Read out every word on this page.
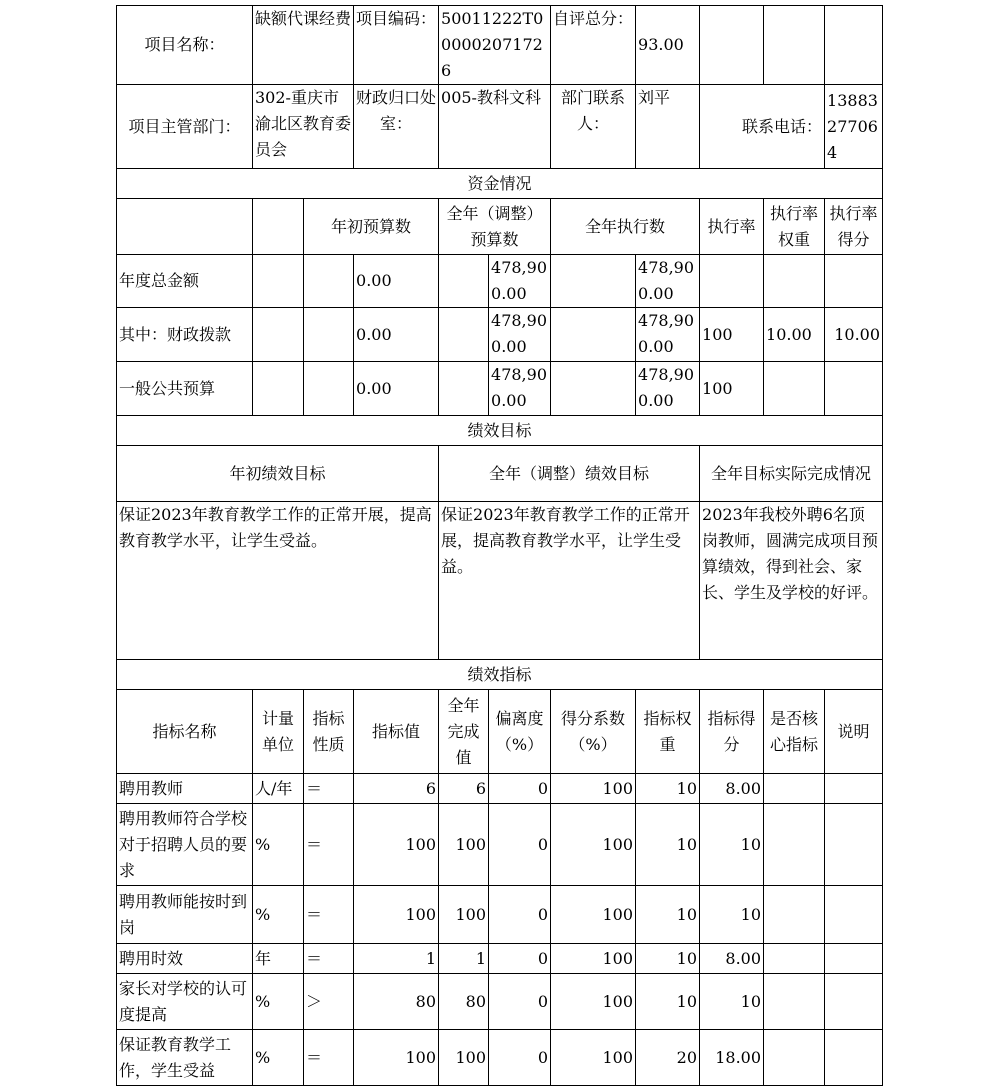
项目名称：	缺额代课经费		项目编码：	50011222T000002071726		自评总分：	93.00			
项目主管部门：	302-重庆市渝北区教育委员会		财政归口处室：	005-教科文科		部门联系人：	刘平	联系电话：		13883277064
资金情况										
		年初预算数		全年（调整）预算数		全年执行数		执行率	执行率权重	执行率得分
年度总金额			0.00		478,900.00		478,900.00			
其中：财政拨款			0.00		478,900.00		478,900.00	100	10.00	10.00
一般公共预算			0.00		478,900.00		478,900.00	100		
绩效目标										
年初绩效目标				全年（调整）绩效目标				全年目标实际完成情况		
保证2023年教育教学工作的正常开展，提高教育教学水平，让学生受益。				保证2023年教育教学工作的正常开展，提高教育教学水平，让学生受益。				2023年我校外聘6名顶岗教师，圆满完成项目预算绩效，得到社会、家长、学生及学校的好评。		
绩效指标										
指标名称	计量单位	指标性质	指标值	全年完成值	偏离度（%）	得分系数（%）	指标权重	指标得分	是否核心指标	说明
聘用教师	人/年	＝	6	6	0	100	10	8.00		
聘用教师符合学校对于招聘人员的要求	%	＝	100	100	0	100	10	10		
聘用教师能按时到岗	%	＝	100	100	0	100	10	10		
聘用时效	年	＝	1	1	0	100	10	8.00		
家长对学校的认可度提高	%	＞	80	80	0	100	10	10		
保证教育教学工作，学生受益	%	＝	100	100	0	100	20	18.00		
